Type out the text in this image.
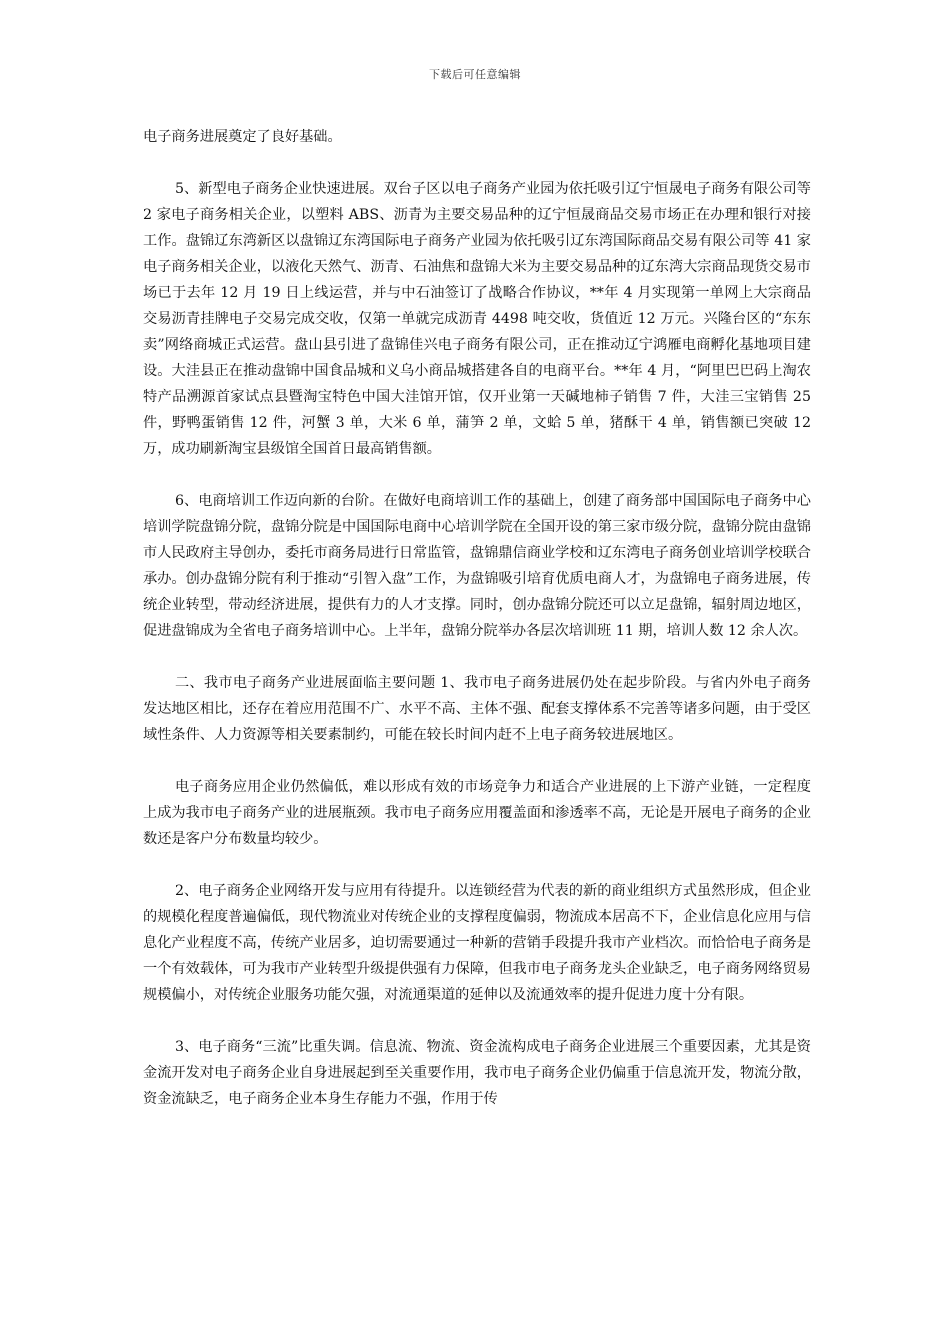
下载后可任意编辑

电子商务进展奠定了良好基础。

5、新型电子商务企业快速进展。双台子区以电子商务产业园为依托吸引辽宁恒晟电子商务有限公司等 2 家电子商务相关企业，以塑料 ABS、沥青为主要交易品种的辽宁恒晟商品交易市场正在办理和银行对接工作。盘锦辽东湾新区以盘锦辽东湾国际电子商务产业园为依托吸引辽东湾国际商品交易有限公司等 41 家电子商务相关企业，以液化天然气、沥青、石油焦和盘锦大米为主要交易品种的辽东湾大宗商品现货交易市场已于去年 12 月 19 日上线运营，并与中石油签订了战略合作协议，**年 4 月实现第一单网上大宗商品交易沥青挂牌电子交易完成交收，仅第一单就完成沥青 4498 吨交收，货值近 12 万元。兴隆台区的“东东卖”网络商城正式运营。盘山县引进了盘锦佳兴电子商务有限公司，正在推动辽宁鸿雁电商孵化基地项目建设。大洼县正在推动盘锦中国食品城和义乌小商品城搭建各自的电商平台。**年 4 月，“阿里巴巴码上淘农特产品溯源首家试点县暨淘宝特色中国大洼馆开馆，仅开业第一天碱地柿子销售 7 件，大洼三宝销售 25 件，野鸭蛋销售 12 件，河蟹 3 单，大米 6 单，蒲笋 2 单，文蛤 5 单，猪酥干 4 单，销售额已突破 12 万，成功刷新淘宝县级馆全国首日最高销售额。

6、电商培训工作迈向新的台阶。在做好电商培训工作的基础上，创建了商务部中国国际电子商务中心培训学院盘锦分院，盘锦分院是中国国际电商中心培训学院在全国开设的第三家市级分院，盘锦分院由盘锦市人民政府主导创办，委托市商务局进行日常监管，盘锦鼎信商业学校和辽东湾电子商务创业培训学校联合承办。创办盘锦分院有利于推动“引智入盘”工作，为盘锦吸引培育优质电商人才，为盘锦电子商务进展，传统企业转型，带动经济进展，提供有力的人才支撑。同时，创办盘锦分院还可以立足盘锦，辐射周边地区，促进盘锦成为全省电子商务培训中心。上半年，盘锦分院举办各层次培训班 11 期，培训人数 12 余人次。

二、我市电子商务产业进展面临主要问题 1、我市电子商务进展仍处在起步阶段。与省内外电子商务发达地区相比，还存在着应用范围不广、水平不高、主体不强、配套支撑体系不完善等诸多问题，由于受区域性条件、人力资源等相关要素制约，可能在较长时间内赶不上电子商务较进展地区。

电子商务应用企业仍然偏低，难以形成有效的市场竞争力和适合产业进展的上下游产业链，一定程度上成为我市电子商务产业的进展瓶颈。我市电子商务应用覆盖面和渗透率不高，无论是开展电子商务的企业数还是客户分布数量均较少。

2、电子商务企业网络开发与应用有待提升。以连锁经营为代表的新的商业组织方式虽然形成，但企业的规模化程度普遍偏低，现代物流业对传统企业的支撑程度偏弱，物流成本居高不下，企业信息化应用与信息化产业程度不高，传统产业居多，迫切需要通过一种新的营销手段提升我市产业档次。而恰恰电子商务是一个有效载体，可为我市产业转型升级提供强有力保障，但我市电子商务龙头企业缺乏，电子商务网络贸易规模偏小，对传统企业服务功能欠强，对流通渠道的延伸以及流通效率的提升促进力度十分有限。

3、电子商务“三流”比重失调。信息流、物流、资金流构成电子商务企业进展三个重要因素，尤其是资金流开发对电子商务企业自身进展起到至关重要作用，我市电子商务企业仍偏重于信息流开发，物流分散，资金流缺乏，电子商务企业本身生存能力不强，作用于传
